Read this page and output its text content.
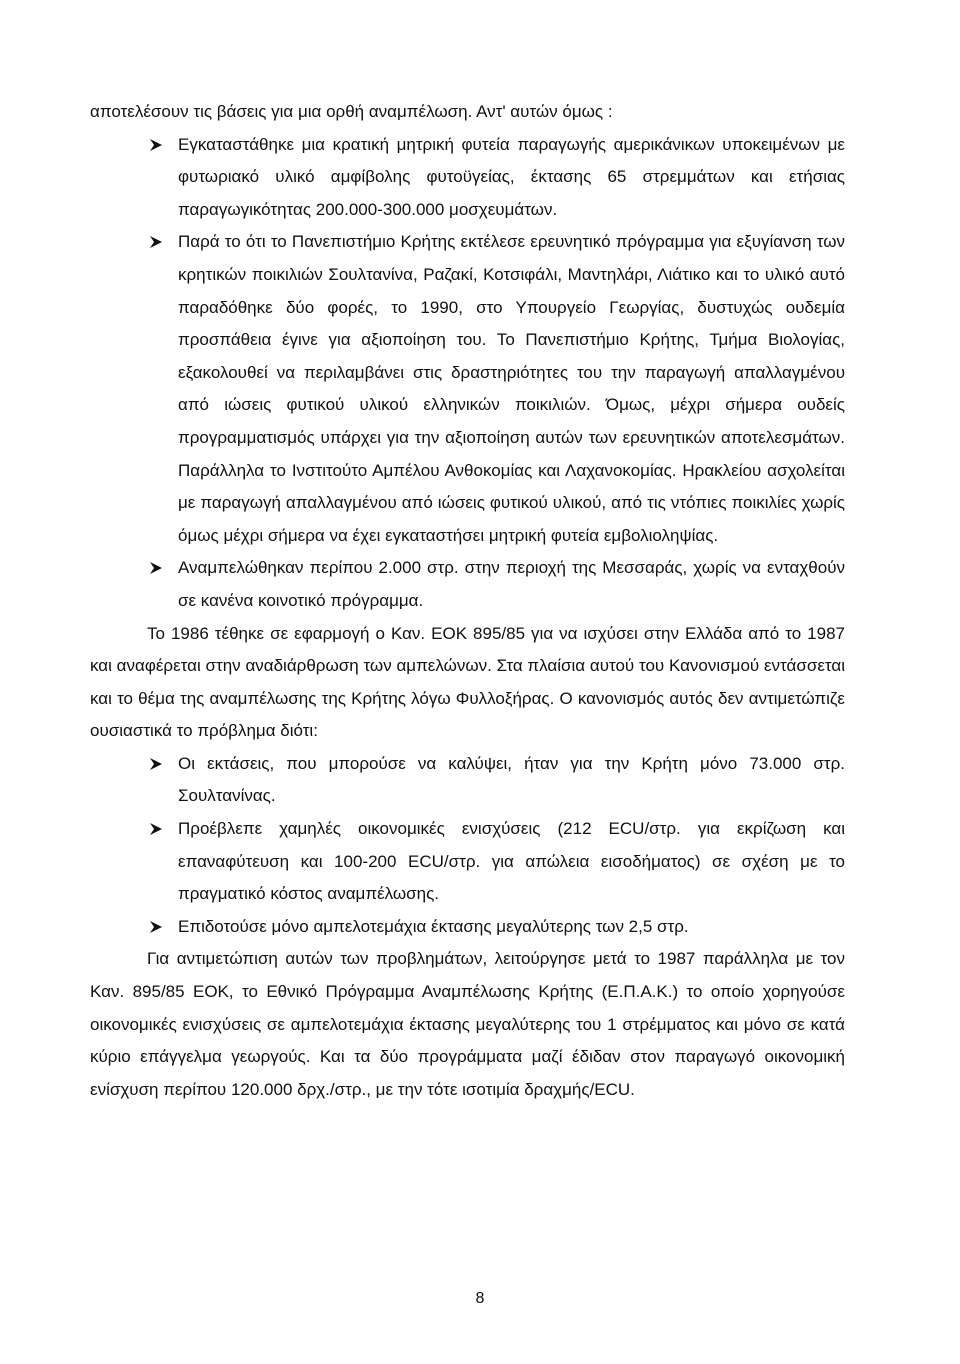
αποτελέσουν τις βάσεις για μια ορθή αναμπέλωση. Αντ' αυτών όμως :

Εγκαταστάθηκε μια κρατική μητρική φυτεία παραγωγής αμερικάνικων υποκειμένων με φυτωριακό υλικό αμφίβολης φυτοϋγείας, έκτασης 65 στρεμμάτων και ετήσιας παραγωγικότητας 200.000-300.000 μοσχευμάτων.
Παρά το ότι το Πανεπιστήμιο Κρήτης εκτέλεσε ερευνητικό πρόγραμμα για εξυγίανση των κρητικών ποικιλιών Σουλτανίνα, Ραζακί, Κοτσιφάλι, Μαντηλάρι, Λιάτικο και το υλικό αυτό παραδόθηκε δύο φορές, το 1990, στο Υπουργείο Γεωργίας, δυστυχώς ουδεμία προσπάθεια έγινε για αξιοποίηση του. Το Πανεπιστήμιο Κρήτης, Τμήμα Βιολογίας, εξακολουθεί να περιλαμβάνει στις δραστηριότητες του την παραγωγή απαλλαγμένου από ιώσεις φυτικού υλικού ελληνικών ποικιλιών. Όμως, μέχρι σήμερα ουδείς προγραμματισμός υπάρχει για την αξιοποίηση αυτών των ερευνητικών αποτελεσμάτων. Παράλληλα το Ινστιτούτο Αμπέλου Ανθοκομίας και Λαχανοκομίας. Ηρακλείου ασχολείται με παραγωγή απαλλαγμένου από ιώσεις φυτικού υλικού, από τις ντόπιες ποικιλίες χωρίς όμως μέχρι σήμερα να έχει εγκαταστήσει μητρική φυτεία εμβολιοληψίας.
Αναμπελώθηκαν περίπου 2.000 στρ. στην περιοχή της Μεσσαράς, χωρίς να ενταχθούν σε κανένα κοινοτικό πρόγραμμα.

Το 1986 τέθηκε σε εφαρμογή ο Καν. ΕΟΚ 895/85 για να ισχύσει στην Ελλάδα από το 1987 και αναφέρεται στην αναδιάρθρωση των αμπελώνων. Στα πλαίσια αυτού του Κανονισμού εντάσσεται και το θέμα της αναμπέλωσης της Κρήτης λόγω Φυλλοξήρας. Ο κανονισμός αυτός δεν αντιμετώπιζε ουσιαστικά το πρόβλημα διότι:

Οι εκτάσεις, που μπορούσε να καλύψει, ήταν για την Κρήτη μόνο 73.000 στρ. Σουλτανίνας.
Προέβλεπε χαμηλές οικονομικές ενισχύσεις (212 ECU/στρ. για εκρίζωση και επαναφύτευση και 100-200 ECU/στρ. για απώλεια εισοδήματος) σε σχέση με το πραγματικό κόστος αναμπέλωσης.
Επιδοτούσε μόνο αμπελοτεμάχια έκτασης μεγαλύτερης των 2,5 στρ.

Για αντιμετώπιση αυτών των προβλημάτων, λειτούργησε μετά το 1987 παράλληλα με τον Καν. 895/85 ΕΟΚ, το Εθνικό Πρόγραμμα Αναμπέλωσης Κρήτης (Ε.Π.Α.Κ.) το οποίο χορηγούσε οικονομικές ενισχύσεις σε αμπελοτεμάχια έκτασης μεγαλύτερης του 1 στρέμματος και μόνο σε κατά κύριο επάγγελμα γεωργούς. Και τα δύο προγράμματα μαζί έδιδαν στον παραγωγό οικονομική ενίσχυση περίπου 120.000 δρχ./στρ., με την τότε ισοτιμία δραχμής/ECU.

8
